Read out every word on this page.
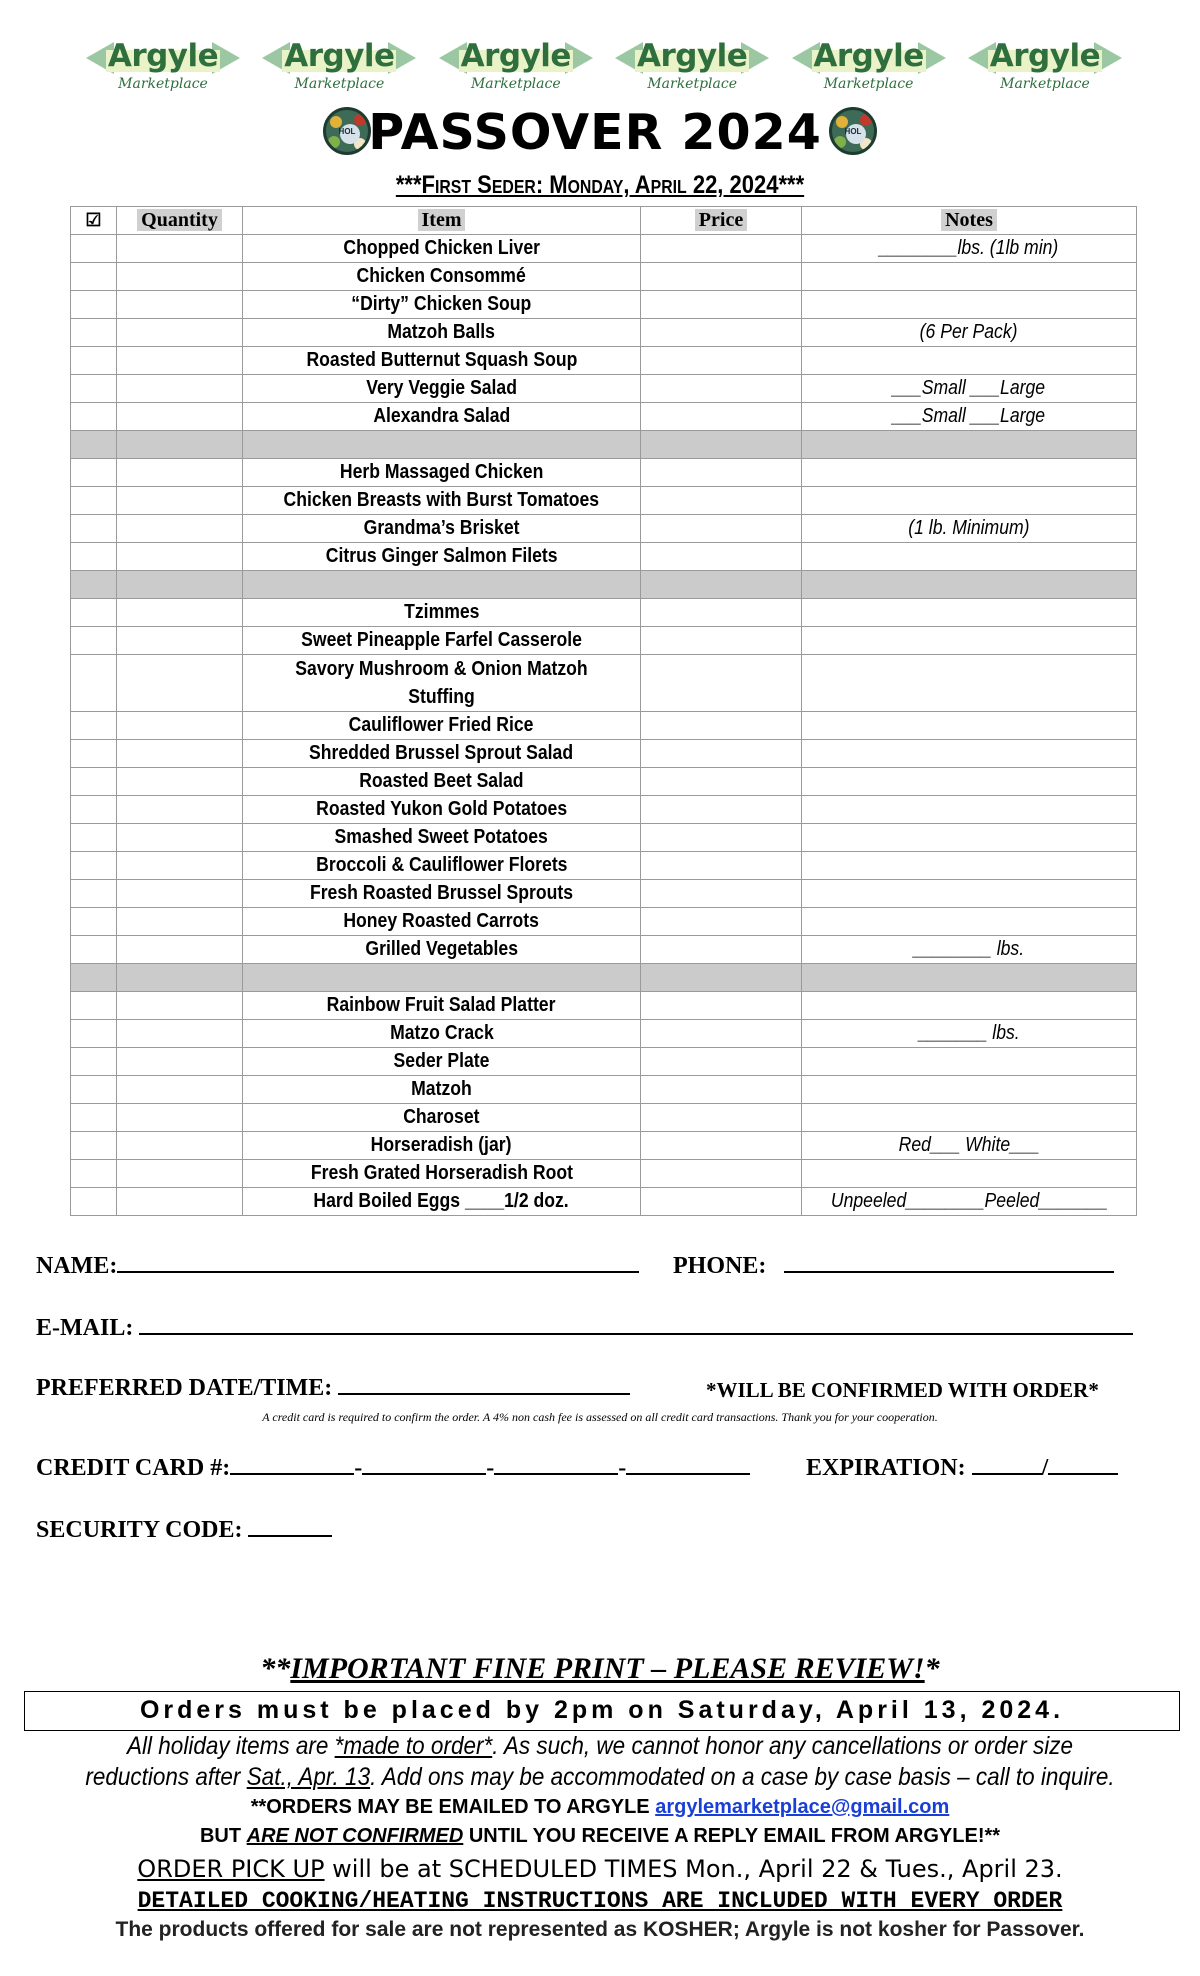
Argyle
Marketplace
Argyle
Marketplace
Argyle
Marketplace
Argyle
Marketplace
Argyle
Marketplace
Argyle
Marketplace
HOL PASSOVER 2024	HOL
***First Seder: Monday, April 22, 2024***
☑	Quantity	Item	Price	Notes
		Chopped Chicken Liver		________lbs. (1lb min)
		Chicken Consommé		
		“Dirty” Chicken Soup		
		Matzoh Balls		(6 Per Pack)
		Roasted Butternut Squash Soup		
		Very Veggie Salad		___Small ___Large
		Alexandra Salad		___Small ___Large

		Herb Massaged Chicken		
		Chicken Breasts with Burst Tomatoes		
		Grandma’s Brisket		(1 lb. Minimum)
		Citrus Ginger Salmon Filets		

		Tzimmes		
		Sweet Pineapple Farfel Casserole		
		Savory Mushroom & Onion Matzoh Stuffing		
		Cauliflower Fried Rice		
		Shredded Brussel Sprout Salad		
		Roasted Beet Salad		
		Roasted Yukon Gold Potatoes		
		Smashed Sweet Potatoes		
		Broccoli & Cauliflower Florets		
		Fresh Roasted Brussel Sprouts		
		Honey Roasted Carrots		
		Grilled Vegetables		________ lbs.

		Rainbow Fruit Salad Platter		
		Matzo Crack		_______ lbs.
		Seder Plate		
		Matzoh		
		Charoset		
		Horseradish (jar)		Red___ White___
		Fresh Grated Horseradish Root		
		Hard Boiled Eggs ____1/2 doz.		Unpeeled________Peeled_______
NAME:	PHONE:
E-MAIL:
PREFERRED DATE/TIME:	*WILL BE CONFIRMED WITH ORDER*
A credit card is required to confirm the order. A 4% non cash fee is assessed on all credit card transactions. Thank you for your cooperation.
CREDIT CARD #:	-	-	-	EXPIRATION:	/
SECURITY CODE:
**IMPORTANT FINE PRINT – PLEASE REVIEW!*
Orders must be placed by 2pm on Saturday, April 13, 2024.
All holiday items are *made to order*. As such, we cannot honor any cancellations or order size
reductions after Sat., Apr. 13. Add ons may be accommodated on a case by case basis – call to inquire.
**ORDERS MAY BE EMAILED TO ARGYLE argylemarketplace@gmail.com
BUT ARE NOT CONFIRMED UNTIL YOU RECEIVE A REPLY EMAIL FROM ARGYLE!**
ORDER PICK UP will be at SCHEDULED TIMES Mon., April 22 & Tues., April 23.
DETAILED COOKING/HEATING INSTRUCTIONS ARE INCLUDED WITH EVERY ORDER
The products offered for sale are not represented as KOSHER; Argyle is not kosher for Passover.
